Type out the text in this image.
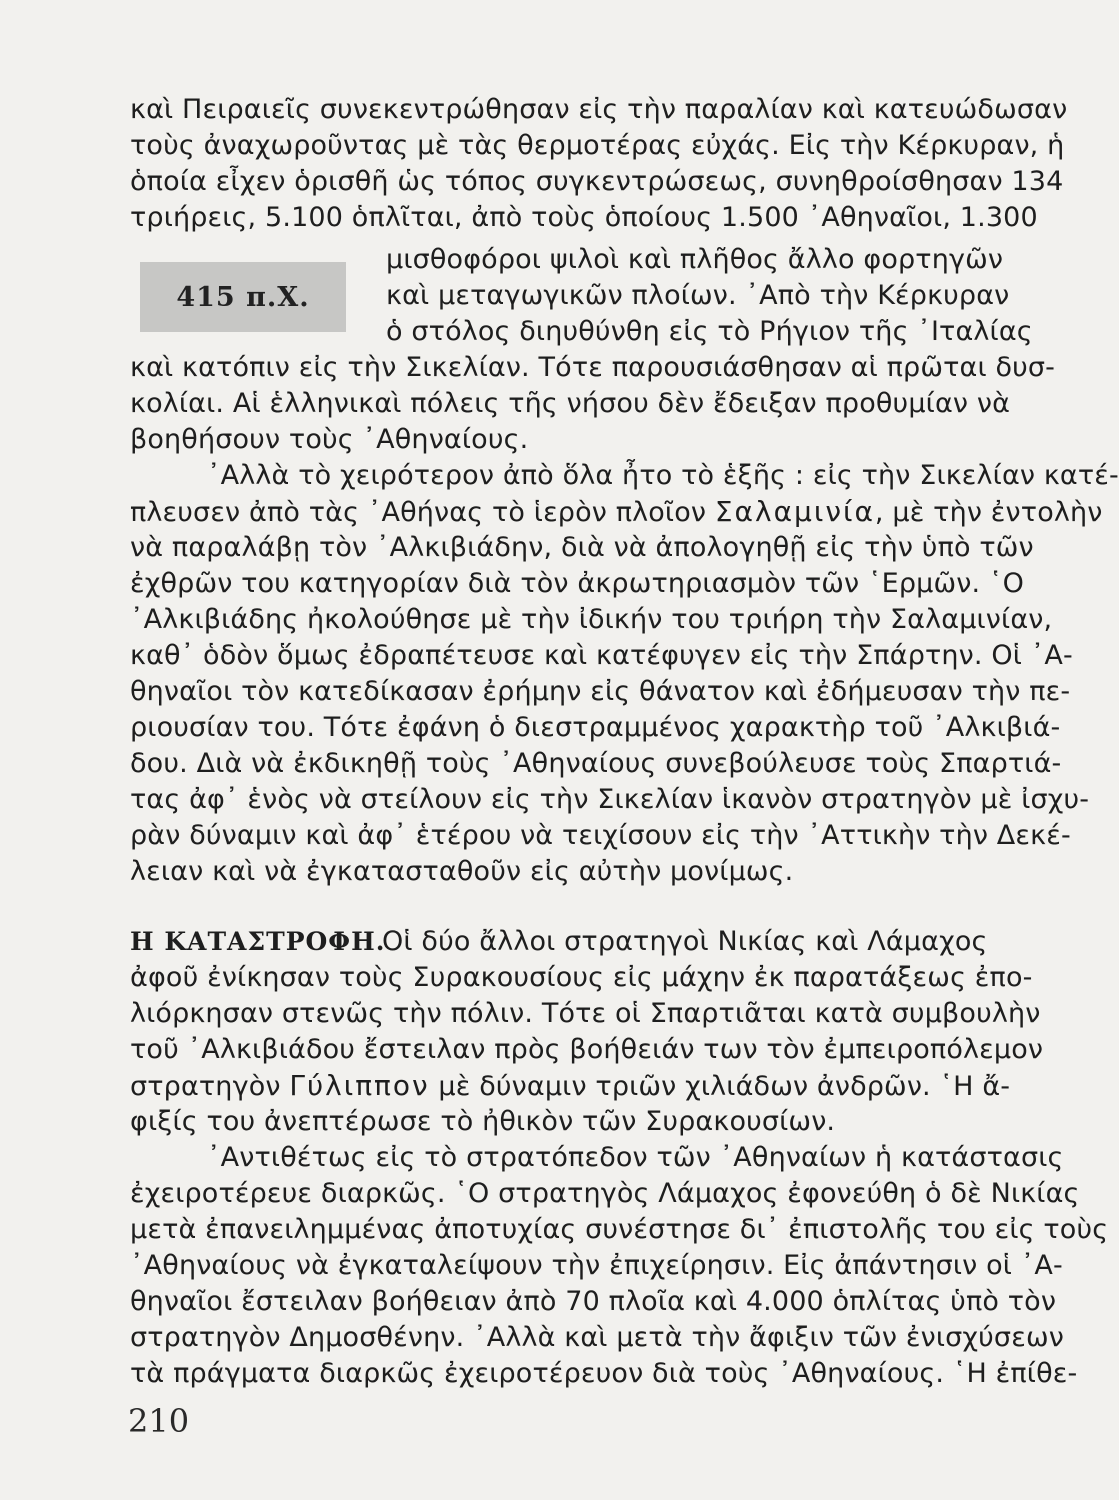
καὶ Πειραιεῖς συνεκεντρώθησαν εἰς τὴν παραλίαν καὶ κατευώδωσαν
τοὺς ἀναχωροῦντας μὲ τὰς θερμοτέρας εὐχάς. Εἰς τὴν Κέρκυραν, ἡ
ὁποία εἶχεν ὁρισθῆ ὡς τόπος συγκεντρώσεως, συνηθροίσθησαν 134
τριήρεις, 5.100 ὁπλῖται, ἀπὸ τοὺς ὁποίους 1.500 ᾿Αθηναῖοι, 1.300
415 π.Χ.
μισθοφόροι ψιλοὶ καὶ πλῆθος ἄλλο φορτηγῶν
καὶ μεταγωγικῶν πλοίων. ᾿Απὸ τὴν Κέρκυραν
ὁ στόλος διηυθύνθη εἰς τὸ Ρήγιον τῆς ᾿Ιταλίας
καὶ κατόπιν εἰς τὴν Σικελίαν. Τότε παρουσιάσθησαν αἱ πρῶται δυσ-
κολίαι. Αἱ ἑλληνικαὶ πόλεις τῆς νήσου δὲν ἔδειξαν προθυμίαν νὰ
βοηθήσουν τοὺς ᾿Αθηναίους.
᾿Αλλὰ τὸ χειρότερον ἀπὸ ὅλα ἦτο τὸ ἑξῆς : εἰς τὴν Σικελίαν κατέ-
πλευσεν ἀπὸ τὰς ᾿Αθήνας τὸ ἱερὸν πλοῖον Σαλαμινία, μὲ τὴν ἐντολὴν
νὰ παραλάβῃ τὸν ᾿Αλκιβιάδην, διὰ νὰ ἀπολογηθῇ εἰς τὴν ὑπὸ τῶν
ἐχθρῶν του κατηγορίαν διὰ τὸν ἀκρωτηριασμὸν τῶν ῾Ερμῶν. ῾Ο
᾿Αλκιβιάδης ἠκολούθησε μὲ τὴν ἰδικήν του τριήρη τὴν Σαλαμινίαν,
καθ᾿ ὁδὸν ὅμως ἐδραπέτευσε καὶ κατέφυγεν εἰς τὴν Σπάρτην. Οἱ ᾿Α-
θηναῖοι τὸν κατεδίκασαν ἐρήμην εἰς θάνατον καὶ ἐδήμευσαν τὴν πε-
ριουσίαν του. Τότε ἐφάνη ὁ διεστραμμένος χαρακτὴρ τοῦ ᾿Αλκιβιά-
δου. Διὰ νὰ ἐκδικηθῇ τοὺς ᾿Αθηναίους συνεβούλευσε τοὺς Σπαρτιά-
τας ἀφ᾿ ἑνὸς νὰ στείλουν εἰς τὴν Σικελίαν ἱκανὸν στρατηγὸν μὲ ἰσχυ-
ρὰν δύναμιν καὶ ἀφ᾿ ἑτέρου νὰ τειχίσουν εἰς τὴν ᾿Αττικὴν τὴν Δεκέ-
λειαν καὶ νὰ ἐγκατασταθοῦν εἰς αὐτὴν μονίμως.
Η ΚΑΤΑΣΤΡΟΦΗ.
Οἱ δύο ἄλλοι στρατηγοὶ Νικίας καὶ Λάμαχος
ἀφοῦ ἐνίκησαν τοὺς Συρακουσίους εἰς μάχην ἐκ παρατάξεως ἐπο-
λιόρκησαν στενῶς τὴν πόλιν. Τότε οἱ Σπαρτιᾶται κατὰ συμβουλὴν
τοῦ ᾿Αλκιβιάδου ἔστειλαν πρὸς βοήθειάν των τὸν ἐμπειροπόλεμον
στρατηγὸν Γύλιππον μὲ δύναμιν τριῶν χιλιάδων ἀνδρῶν. ῾Η ἄ-
φιξίς του ἀνεπτέρωσε τὸ ἠθικὸν τῶν Συρακουσίων.
᾿Αντιθέτως εἰς τὸ στρατόπεδον τῶν ᾿Αθηναίων ἡ κατάστασις
ἐχειροτέρευε διαρκῶς. ῾Ο στρατηγὸς Λάμαχος ἐφονεύθη ὁ δὲ Νικίας
μετὰ ἐπανειλημμένας ἀποτυχίας συνέστησε δι᾿ ἐπιστολῆς του εἰς τοὺς
᾿Αθηναίους νὰ ἐγκαταλείψουν τὴν ἐπιχείρησιν. Εἰς ἀπάντησιν οἱ ᾿Α-
θηναῖοι ἔστειλαν βοήθειαν ἀπὸ 70 πλοῖα καὶ 4.000 ὁπλίτας ὑπὸ τὸν
στρατηγὸν Δημοσθένην. ᾿Αλλὰ καὶ μετὰ τὴν ἄφιξιν τῶν ἐνισχύσεων
τὰ πράγματα διαρκῶς ἐχειροτέρευον διὰ τοὺς ᾿Αθηναίους. ῾Η ἐπίθε-
210
